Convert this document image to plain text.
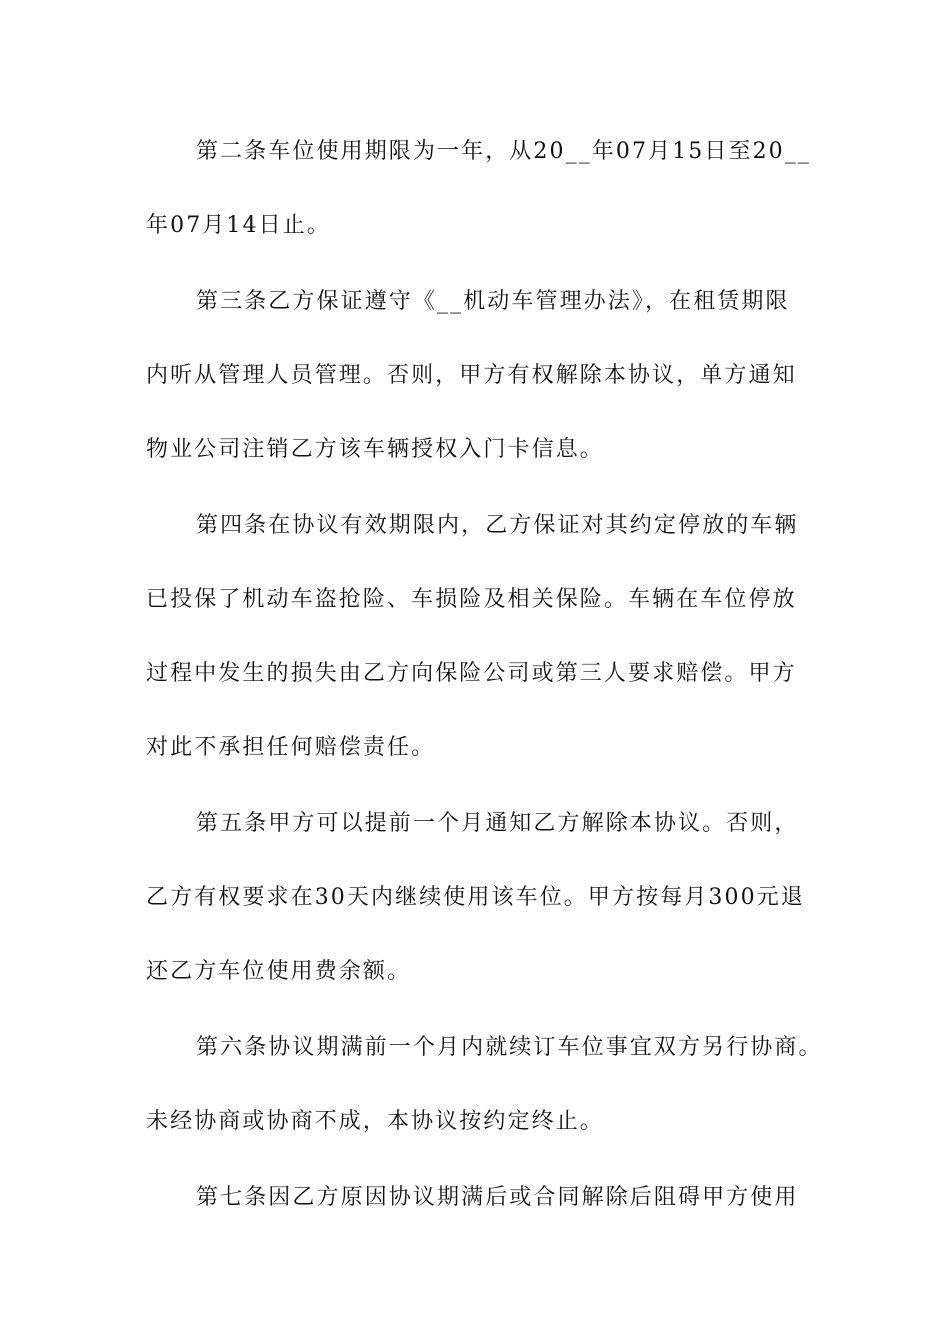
第二条车位使用期限为一年，从20__年07月15日至20__
年07月14日止。
第三条乙方保证遵守《__机动车管理办法》，在租赁期限
内听从管理人员管理。否则，甲方有权解除本协议，单方通知
物业公司注销乙方该车辆授权入门卡信息。
第四条在协议有效期限内，乙方保证对其约定停放的车辆
已投保了机动车盗抢险、车损险及相关保险。车辆在车位停放
过程中发生的损失由乙方向保险公司或第三人要求赔偿。甲方
对此不承担任何赔偿责任。
第五条甲方可以提前一个月通知乙方解除本协议。否则，
乙方有权要求在30天内继续使用该车位。甲方按每月300元退
还乙方车位使用费余额。
第六条协议期满前一个月内就续订车位事宜双方另行协商。
未经协商或协商不成，本协议按约定终止。
第七条因乙方原因协议期满后或合同解除后阻碍甲方使用
